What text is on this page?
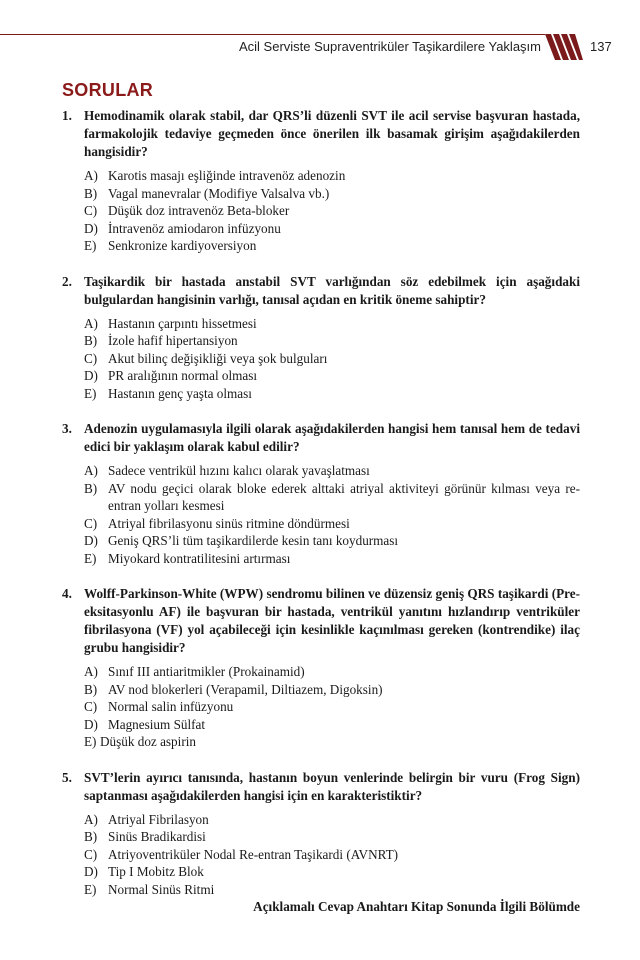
Acil Serviste Supraventriküler Taşikardilere Yaklaşım	137
SORULAR
1. Hemodinamik olarak stabil, dar QRS’li düzenli SVT ile acil servise başvuran hastada, farmakolojik tedaviye geçmeden önce önerilen ilk basamak girişim aşağıdakilerden hangisidir?
A) Karotis masajı eşliğinde intravenöz adenozin
B) Vagal manevralar (Modifiye Valsalva vb.)
C) Düşük doz intravenöz Beta-bloker
D) İntravenöz amiodaron infüzyonu
E) Senkronize kardiyoversiyon
2. Taşikardik bir hastada anstabil SVT varlığından söz edebilmek için aşağıdaki bulgulardan hangisinin varlığı, tanısal açıdan en kritik öneme sahiptir?
A) Hastanın çarpıntı hissetmesi
B) İzole hafif hipertansiyon
C) Akut bilinç değişikliği veya şok bulguları
D) PR aralığının normal olması
E) Hastanın genç yaşta olması
3. Adenozin uygulamasıyla ilgili olarak aşağıdakilerden hangisi hem tanısal hem de tedavi edici bir yaklaşım olarak kabul edilir?
A) Sadece ventrikül hızını kalıcı olarak yavaşlatması
B) AV nodu geçici olarak bloke ederek alttaki atriyal aktiviteyi görünür kılması veya re-entran yolları kesmesi
C) Atriyal fibrilasyonu sinüs ritmine döndürmesi
D) Geniş QRS’li tüm taşikardilerde kesin tanı koydurması
E) Miyokard kontratilitesini artırması
4. Wolff-Parkinson-White (WPW) sendromu bilinen ve düzensiz geniş QRS taşikardi (Pre-eksitasyonlu AF) ile başvuran bir hastada, ventrikül yanıtını hızlandırıp ventriküler fibrilasyona (VF) yol açabileceği için kesinlikle kaçınılması gereken (kontrendike) ilaç grubu hangisidir?
A) Sınıf III antiaritmikler (Prokainamid)
B) AV nod blokerleri (Verapamil, Diltiazem, Digoksin)
C) Normal salin infüzyonu
D) Magnesium Sülfat
E) Düşük doz aspirin
5. SVT’lerin ayırıcı tanısında, hastanın boyun venlerinde belirgin bir vuru (Frog Sign) saptanması aşağıdakilerden hangisi için en karakteristiktir?
A) Atriyal Fibrilasyon
B) Sinüs Bradikardisi
C) Atriyoventriküler Nodal Re-entran Taşikardi (AVNRT)
D) Tip I Mobitz Blok
E) Normal Sinüs Ritmi
Açıklamalı Cevap Anahtarı Kitap Sonunda İlgili Bölümde
